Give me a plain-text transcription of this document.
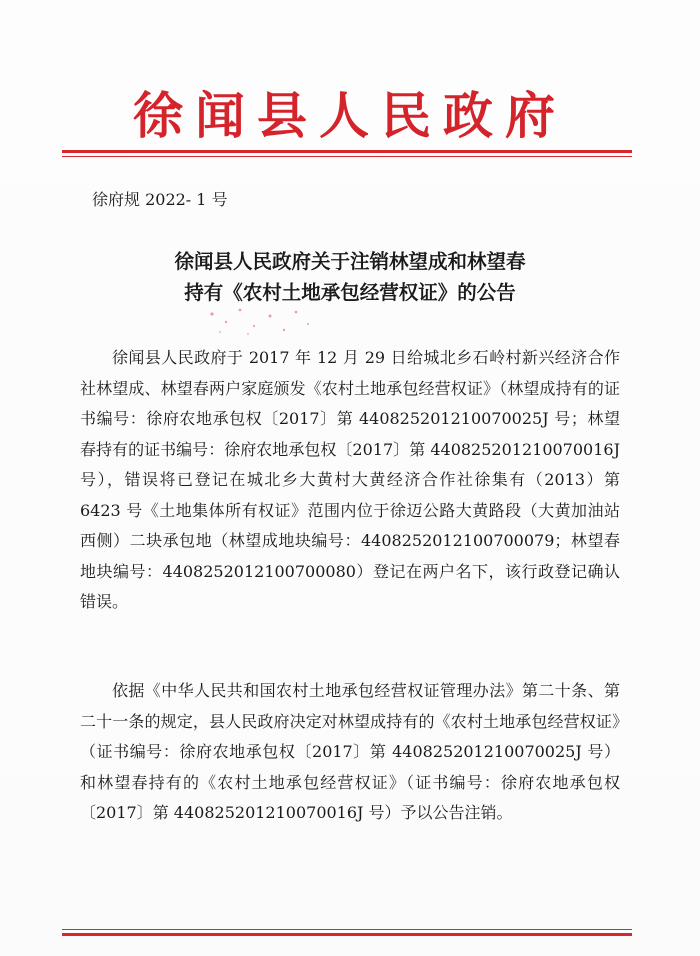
徐闻县人民政府
徐府规 2022- 1 号
徐闻县人民政府关于注销林望成和林望春
持有《农村土地承包经营权证》的公告

徐闻县人民政府于 2017 年 12 月 29 日给城北乡石岭村新兴经济合作社林望成、林望春两户家庭颁发《农村土地承包经营权证》（林望成持有的证书编号：徐府农地承包权〔2017〕第 440825201210070025J 号；林望春持有的证书编号：徐府农地承包权〔2017〕第 440825201210070016J 号），错误将已登记在城北乡大黄村大黄经济合作社徐集有（2013）第 6423 号《土地集体所有权证》范围内位于徐迈公路大黄路段（大黄加油站西侧）二块承包地（林望成地块编号：4408252012100700079；林望春地块编号：4408252012100700080）登记在两户名下，该行政登记确认错误。

依据《中华人民共和国农村土地承包经营权证管理办法》第二十条、第二十一条的规定，县人民政府决定对林望成持有的《农村土地承包经营权证》（证书编号：徐府农地承包权〔2017〕第 440825201210070025J 号）和林望春持有的《农村土地承包经营权证》（证书编号：徐府农地承包权〔2017〕第 440825201210070016J 号）予以公告注销。
